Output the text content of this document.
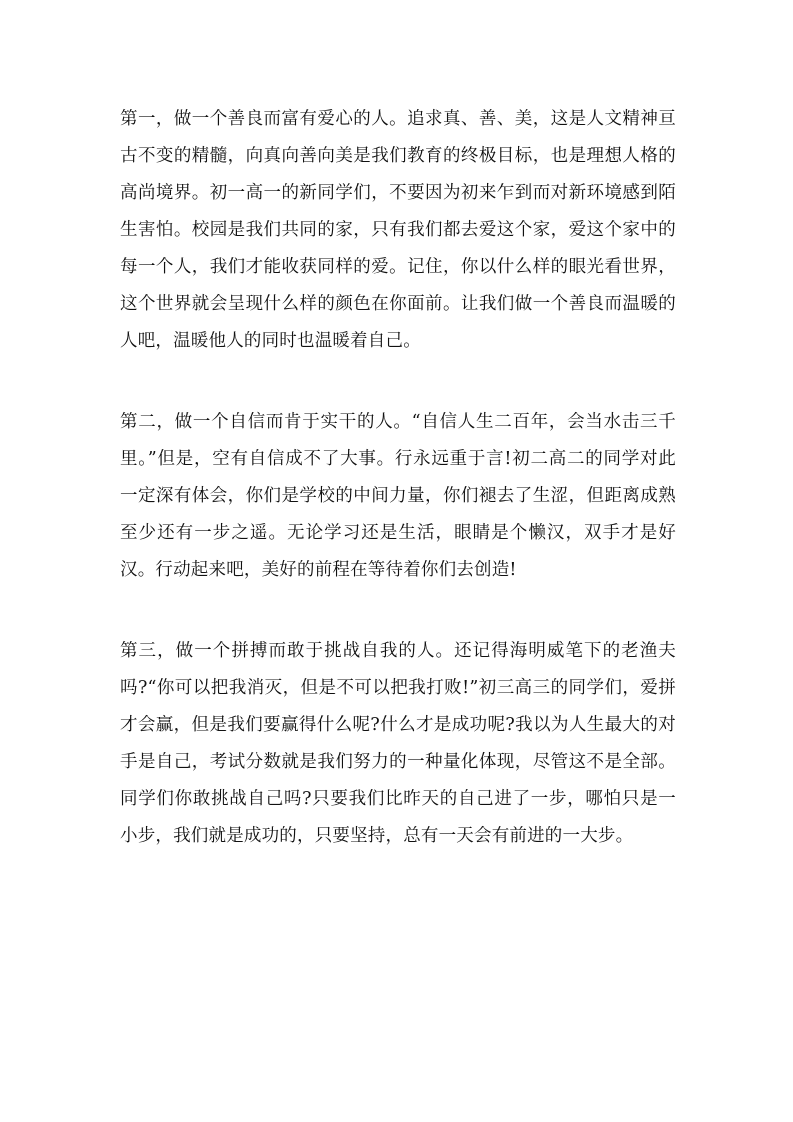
第一，做一个善良而富有爱心的人。追求真、善、美，这是人文精神亘古不变的精髓，向真向善向美是我们教育的终极目标，也是理想人格的高尚境界。初一高一的新同学们，不要因为初来乍到而对新环境感到陌生害怕。校园是我们共同的家，只有我们都去爱这个家，爱这个家中的每一个人，我们才能收获同样的爱。记住，你以什么样的眼光看世界，这个世界就会呈现什么样的颜色在你面前。让我们做一个善良而温暖的人吧，温暖他人的同时也温暖着自己。

第二，做一个自信而肯于实干的人。“自信人生二百年，会当水击三千里。”但是，空有自信成不了大事。行永远重于言!初二高二的同学对此一定深有体会，你们是学校的中间力量，你们褪去了生涩，但距离成熟至少还有一步之遥。无论学习还是生活，眼睛是个懒汉，双手才是好汉。行动起来吧，美好的前程在等待着你们去创造!

第三，做一个拼搏而敢于挑战自我的人。还记得海明威笔下的老渔夫吗?“你可以把我消灭，但是不可以把我打败!”初三高三的同学们，爱拼才会赢，但是我们要赢得什么呢?什么才是成功呢?我以为人生最大的对手是自己，考试分数就是我们努力的一种量化体现，尽管这不是全部。同学们你敢挑战自己吗?只要我们比昨天的自己进了一步，哪怕只是一小步，我们就是成功的，只要坚持，总有一天会有前进的一大步。
